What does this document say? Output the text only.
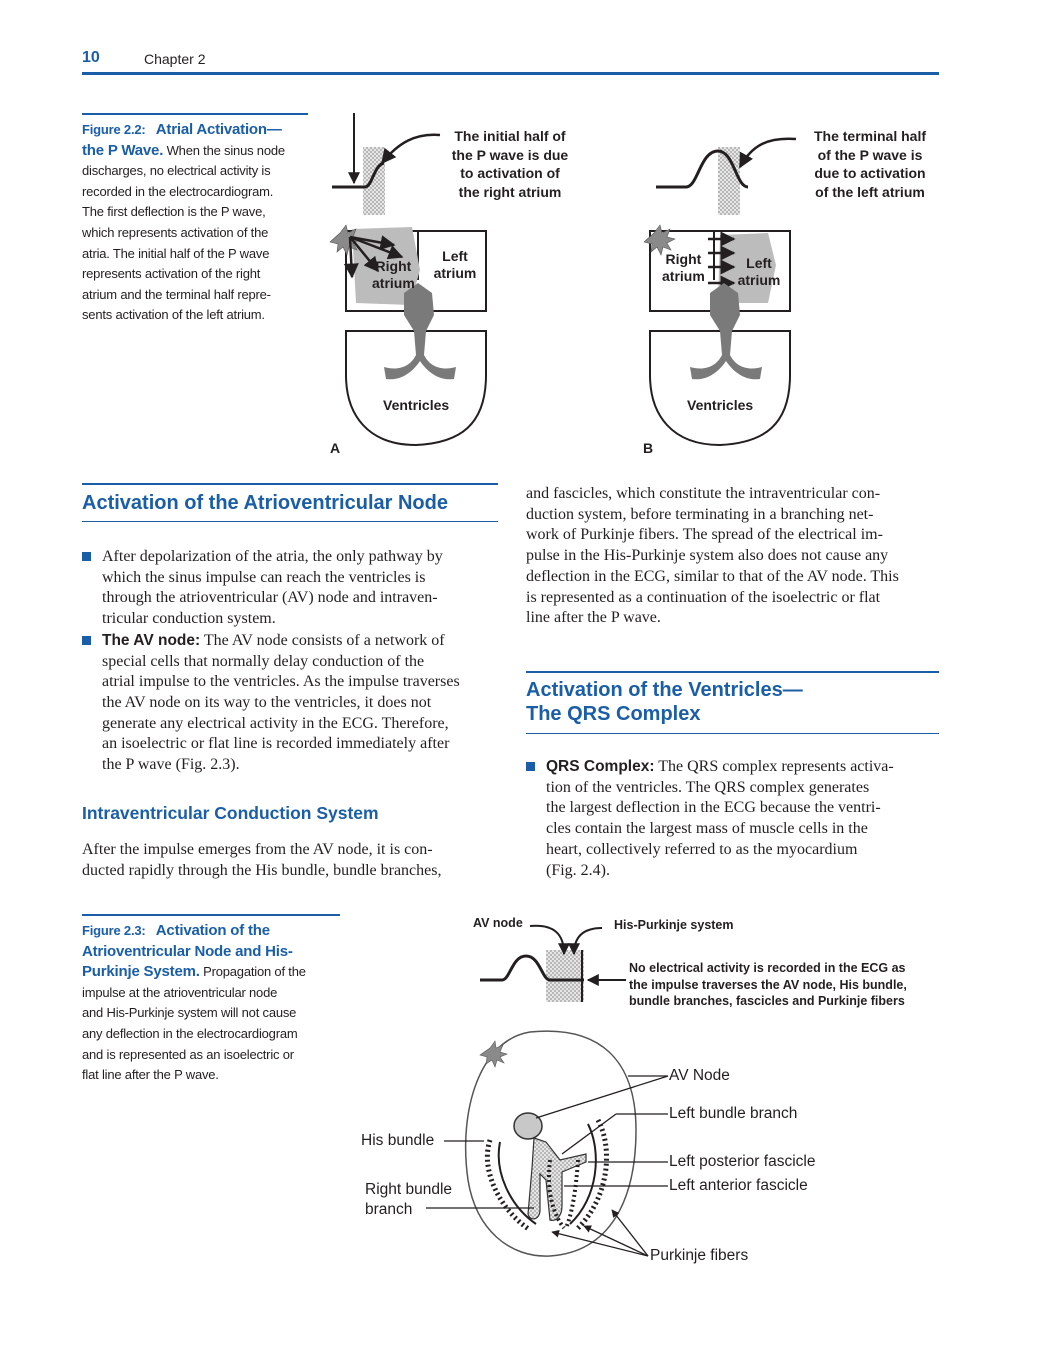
10	Chapter 2
Figure 2.2: Atrial Activation—
the P Wave. When the sinus node
discharges, no electrical activity is
recorded in the electrocardiogram.
The first deflection is the P wave,
which represents activation of the
atria. The initial half of the P wave
represents activation of the right
atrium and the terminal half repre-
sents activation of the left atrium.
The initial half of
the P wave is due
to activation of
the right atrium
Right
atrium
Left
atrium
Ventricles
A
The terminal half
of the P wave is
due to activation
of the left atrium
Right
atrium
Left
atrium
Ventricles
B
Activation of the Atrioventricular Node
After depolarization of the atria, the only pathway by
which the sinus impulse can reach the ventricles is
through the atrioventricular (AV) node and intraven-
tricular conduction system.
The AV node: The AV node consists of a network of
special cells that normally delay conduction of the
atrial impulse to the ventricles. As the impulse traverses
the AV node on its way to the ventricles, it does not
generate any electrical activity in the ECG. Therefore,
an isoelectric or flat line is recorded immediately after
the P wave (Fig. 2.3).
Intraventricular Conduction System
After the impulse emerges from the AV node, it is con-
ducted rapidly through the His bundle, bundle branches,
and fascicles, which constitute the intraventricular con-
duction system, before terminating in a branching net-
work of Purkinje fibers. The spread of the electrical im-
pulse in the His-Purkinje system also does not cause any
deflection in the ECG, similar to that of the AV node. This
is represented as a continuation of the isoelectric or flat
line after the P wave.
Activation of the Ventricles—
The QRS Complex
QRS Complex: The QRS complex represents activa-
tion of the ventricles. The QRS complex generates
the largest deflection in the ECG because the ventri-
cles contain the largest mass of muscle cells in the
heart, collectively referred to as the myocardium
(Fig. 2.4).
Figure 2.3: Activation of the
Atrioventricular Node and His-
Purkinje System. Propagation of the
impulse at the atrioventricular node
and His-Purkinje system will not cause
any deflection in the electrocardiogram
and is represented as an isoelectric or
flat line after the P wave.
AV node	His-Purkinje system
No electrical activity is recorded in the ECG as
the impulse traverses the AV node, His bundle,
bundle branches, fascicles and Purkinje fibers
AV Node
Left bundle branch
His bundle
Left posterior fascicle
Left anterior fascicle
Right bundle
branch
Purkinje fibers
